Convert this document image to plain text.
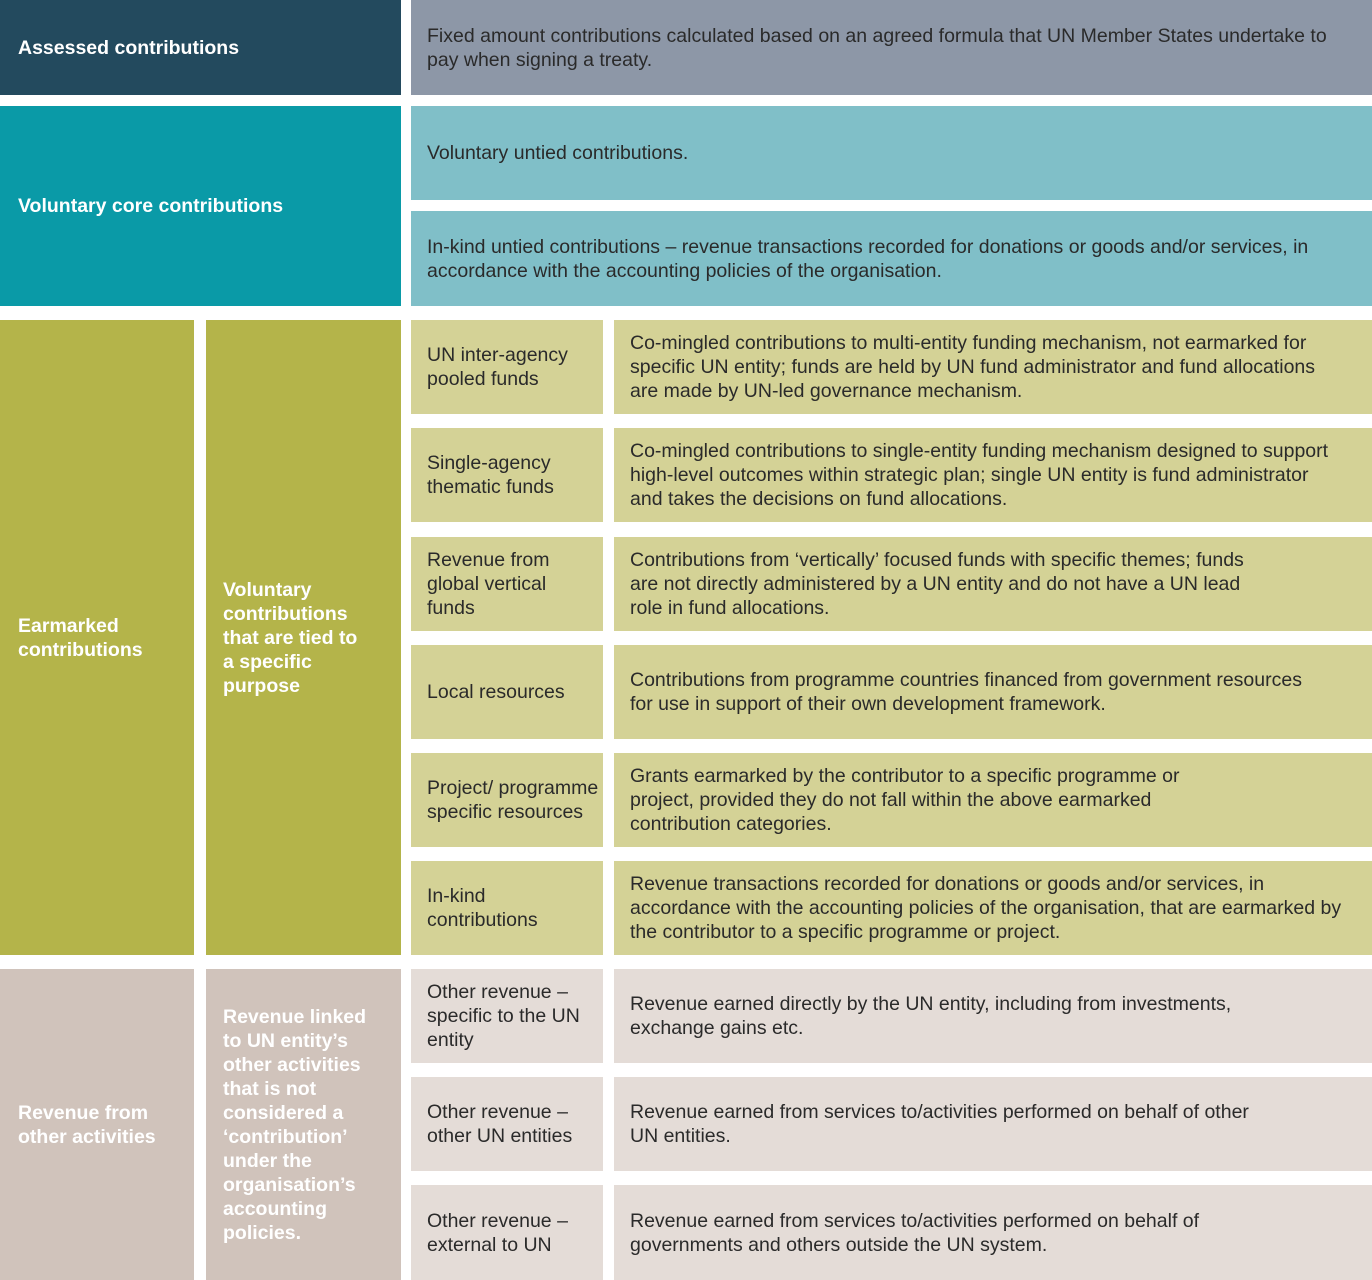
Assessed contributions
Fixed amount contributions calculated based on an agreed formula that UN Member States undertake to pay when signing a treaty.
Voluntary core contributions
Voluntary untied contributions.
In-kind untied contributions – revenue transactions recorded for donations or goods and/or services, in accordance with the accounting policies of the organisation.
Earmarked contributions
Voluntary contributions that are tied to a specific purpose
UN inter-agency pooled funds
Co-mingled contributions to multi-entity funding mechanism, not earmarked for specific UN entity; funds are held by UN fund administrator and fund allocations are made by UN-led governance mechanism.
Single-agency thematic funds
Co-mingled contributions to single-entity funding mechanism designed to support high-level outcomes within strategic plan; single UN entity is fund administrator and takes the decisions on fund allocations.
Revenue from global vertical funds
Contributions from ‘vertically’ focused funds with specific themes; funds are not directly administered by a UN entity and do not have a UN lead role in fund allocations.
Local resources
Contributions from programme countries financed from government resources for use in support of their own development framework.
Project/ programme specific resources
Grants earmarked by the contributor to a specific programme or project, provided they do not fall within the above earmarked contribution categories.
In-kind contributions
Revenue transactions recorded for donations or goods and/or services, in accordance with the accounting policies of the organisation, that are earmarked by the contributor to a specific programme or project.
Revenue from other activities
Revenue linked to UN entity’s other activities that is not considered a ‘contribution’ under the organisation’s accounting policies.
Other revenue – specific to the UN entity
Revenue earned directly by the UN entity, including from investments, exchange gains etc.
Other revenue – other UN entities
Revenue earned from services to/activities performed on behalf of other UN entities.
Other revenue – external to UN
Revenue earned from services to/activities performed on behalf of governments and others outside the UN system.
